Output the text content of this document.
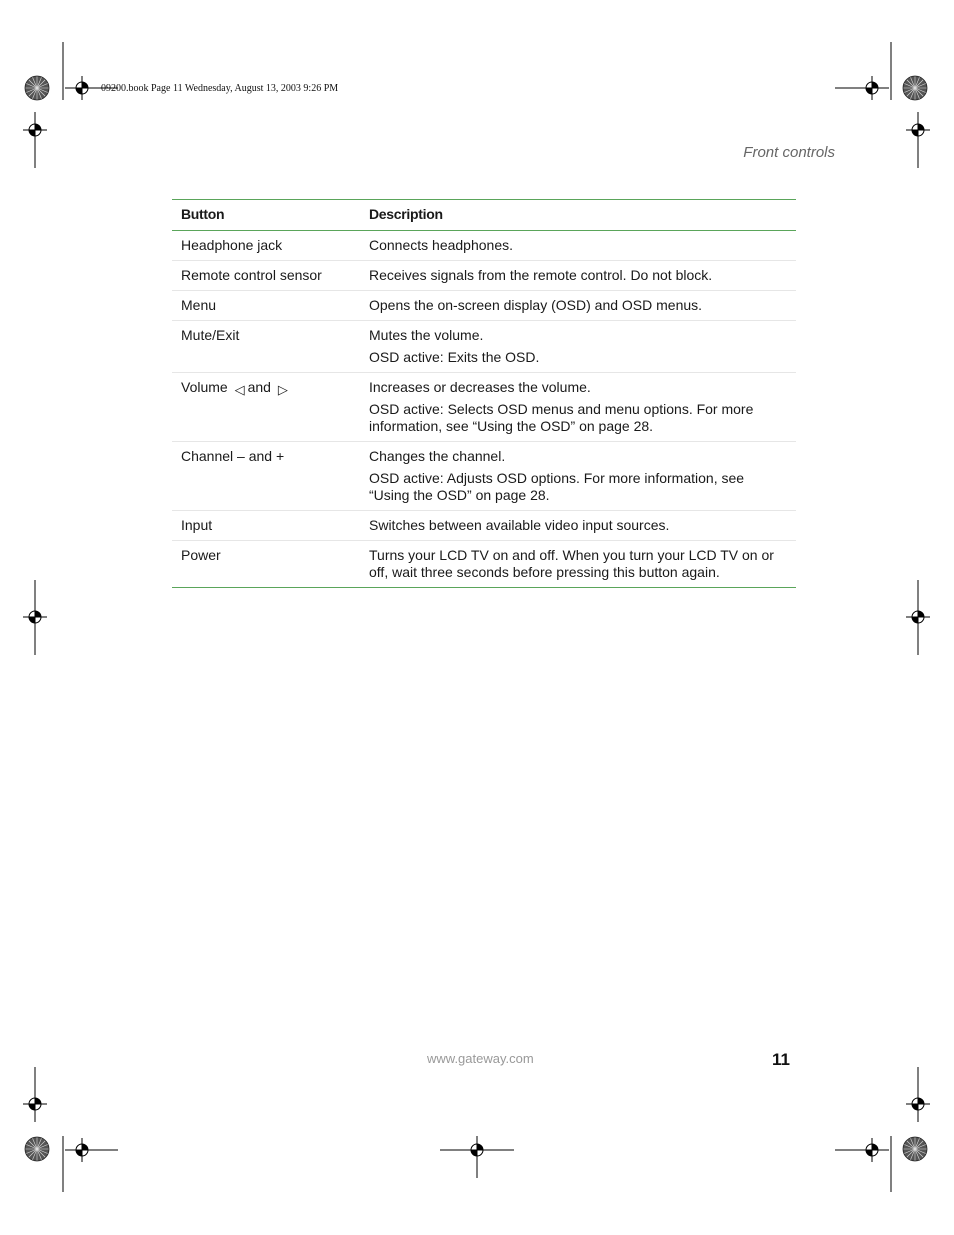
09200.book Page 11 Wednesday, August 13, 2003 9:26 PM
Front controls
Button	Description
Headphone jack	Connects headphones.

Remote control sensor	Receives signals from the remote control. Do not block.

Menu	Opens the on-screen display (OSD) and OSD menus.

Mute/Exit	Mutes the volume.

OSD active: Exits the OSD.

Volume ◁ and ▷	Increases or decreases the volume.

OSD active: Selects OSD menus and menu options. For more information, see “Using the OSD” on page 28.

Channel – and +	Changes the channel.

OSD active: Adjusts OSD options. For more information, see “Using the OSD” on page 28.

Input	Switches between available video input sources.

Power	Turns your LCD TV on and off. When you turn your LCD TV on or off, wait three seconds before pressing this button again.

www.gateway.com	11
